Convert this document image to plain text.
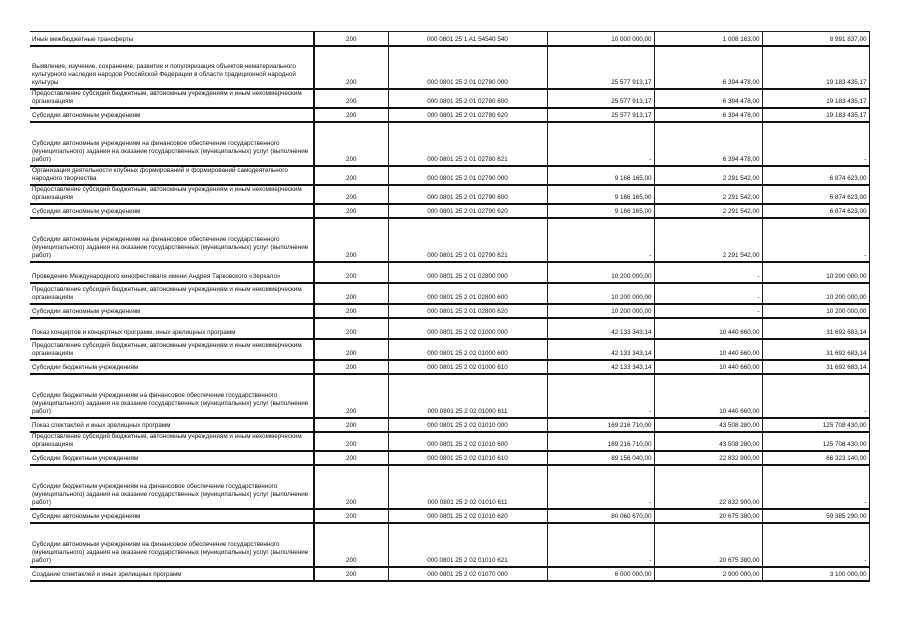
Иные межбюджетные трансферты	200	000 0801 25 1 A1 54540 540	10 000 000,00	1 008 163,00	8 991 837,00
Выявление, изучение, сохранение, развитие и популяризация объектов нематериального культурного наследия народов Российской Федерации в области традиционной народной культуры	200	000 0801 25 2 01 02780 000	25 577 913,17	6 394 478,00	19 183 435,17
Предоставление субсидий бюджетным, автономным учреждениям и иным некоммерческим организациям	200	000 0801 25 2 01 02780 600	25 577 913,17	6 394 478,00	19 183 435,17
Субсидии автономным учреждениям	200	000 0801 25 2 01 02780 620	25 577 913,17	6 394 478,00	19 183 435,17
Субсидии автономным учреждениям на финансовое обеспечение государственного (муниципального) задания на оказание государственных (муниципальных) услуг (выполнение работ)	200	000 0801 25 2 01 02780 621	-	6 394 478,00	-
Организация деятельности клубных формирований и формирований самодеятельного народного творчества	200	000 0801 25 2 01 02790 000	9 166 165,00	2 291 542,00	6 874 623,00
Предоставление субсидий бюджетным, автономным учреждениям и иным некоммерческим организациям	200	000 0801 25 2 01 02790 600	9 166 165,00	2 291 542,00	6 874 623,00
Субсидии автономным учреждениям	200	000 0801 25 2 01 02790 620	9 166 165,00	2 291 542,00	6 874 623,00
Субсидии автономным учреждениям на финансовое обеспечение государственного (муниципального) задания на оказание государственных (муниципальных) услуг (выполнение работ)	200	000 0801 25 2 01 02790 621	-	2 291 542,00	-
Проведение Международного кинофестиваля имени Андрея Тарковского «Зеркало»	200	000 0801 25 2 01 02800 000	10 200 000,00	-	10 200 000,00
Предоставление субсидий бюджетным, автономным учреждениям и иным некоммерческим организациям	200	000 0801 25 2 01 02800 600	10 200 000,00	-	10 200 000,00
Субсидии автономным учреждениям	200	000 0801 25 2 01 02800 620	10 200 000,00	-	10 200 000,00
Показ концертов и концертных программ, иных зрелищных программ	200	000 0801 25 2 02 01000 000	42 133 343,14	10 440 660,00	31 692 683,14
Предоставление субсидий бюджетным, автономным учреждениям и иным некоммерческим организациям	200	000 0801 25 2 02 01000 600	42 133 343,14	10 440 660,00	31 692 683,14
Субсидии бюджетным учреждениям	200	000 0801 25 2 02 01000 610	42 133 343,14	10 440 660,00	31 692 683,14
Субсидии бюджетным учреждениям на финансовое обеспечение государственного (муниципального) задания на оказание государственных (муниципальных) услуг (выполнение работ)	200	000 0801 25 2 02 01000 611	-	10 440 660,00	-
Показ спектаклей и иных зрелищных программ	200	000 0801 25 2 02 01010 000	169 216 710,00	43 508 280,00	125 708 430,00
Предоставление субсидий бюджетным, автономным учреждениям и иным некоммерческим организациям	200	000 0801 25 2 02 01010 600	169 216 710,00	43 508 280,00	125 708 430,00
Субсидии бюджетным учреждениям	200	000 0801 25 2 02 01010 610	89 156 040,00	22 832 900,00	66 323 140,00
Субсидии бюджетным учреждениям на финансовое обеспечение государственного (муниципального) задания на оказание государственных (муниципальных) услуг (выполнение работ)	200	000 0801 25 2 02 01010 611	-	22 832 900,00	-
Субсидии автономным учреждениям	200	000 0801 25 2 02 01010 620	80 060 670,00	20 675 380,00	59 385 290,00
Субсидии автономным учреждениям на финансовое обеспечение государственного (муниципального) задания на оказание государственных (муниципальных) услуг (выполнение работ)	200	000 0801 25 2 02 01010 621	-	20 675 380,00	-
Создание спектаклей и иных зрелищных программ	200	000 0801 25 2 02 01070 000	6 000 000,00	2 900 000,00	3 100 000,00
